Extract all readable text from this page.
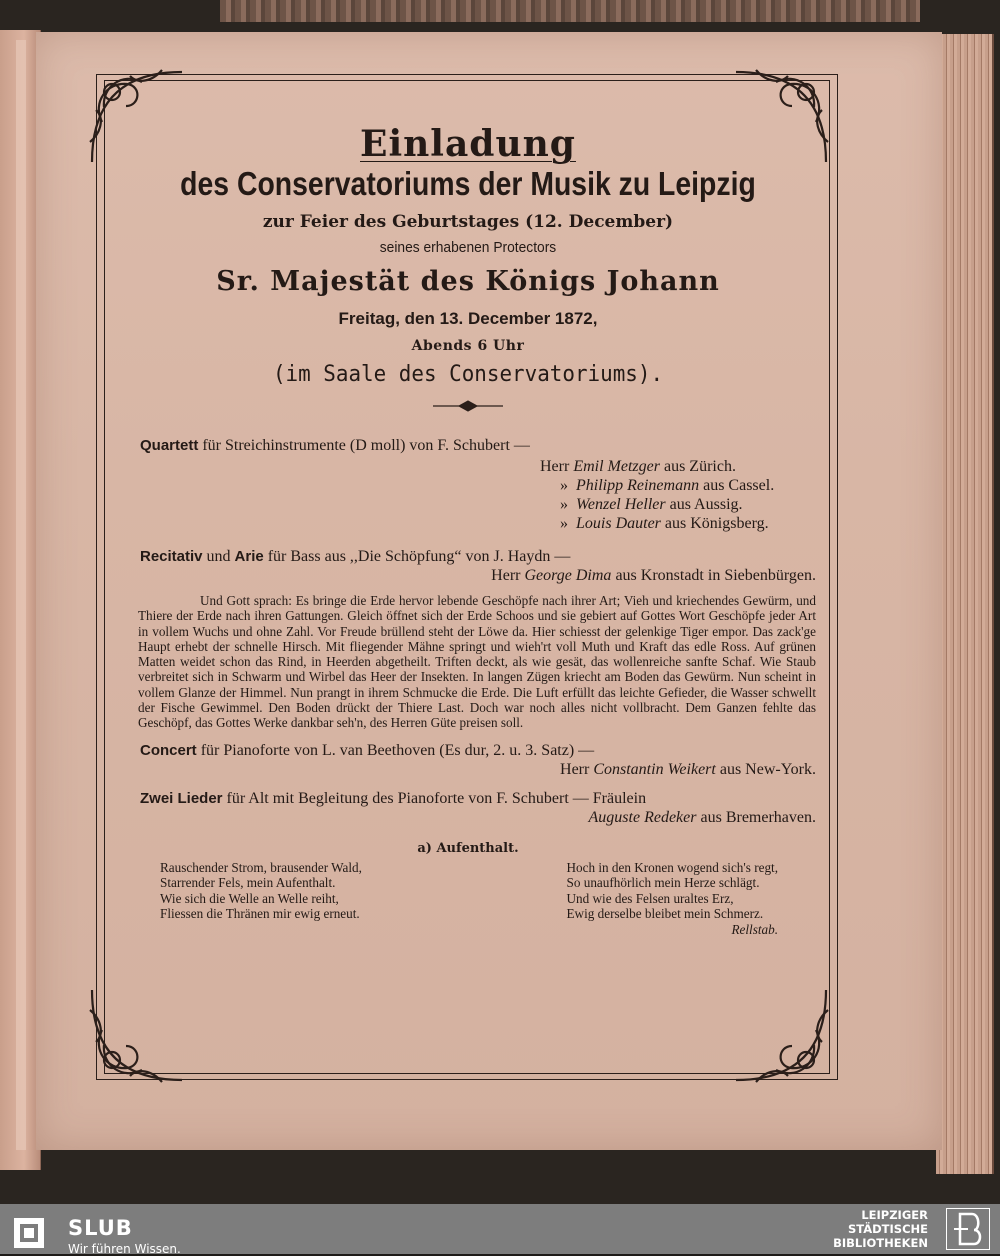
Einladung
des Conservatoriums der Musik zu Leipzig
zur Feier des Geburtstages (12. December)
seines erhabenen Protectors
Sr. Majestät des Königs Johann
Freitag, den 13. December 1872,
Abends 6 Uhr
(im Saale des Conservatoriums).
Quartett für Streichinstrumente (D moll) von F. Schubert —
Herr Emil Metzger aus Zürich.
» Philipp Reinemann aus Cassel.
» Wenzel Heller aus Aussig.
» Louis Dauter aus Königsberg.
Recitativ und Arie für Bass aus ,,Die Schöpfung“ von J. Haydn —
Herr George Dima aus Kronstadt in Siebenbürgen.
Und Gott sprach: Es bringe die Erde hervor lebende Geschöpfe nach ihrer Art; Vieh und kriechendes Gewürm, und Thiere der Erde nach ihren Gattungen. Gleich öffnet sich der Erde Schoos und sie gebiert auf Gottes Wort Geschöpfe jeder Art in vollem Wuchs und ohne Zahl. Vor Freude brüllend steht der Löwe da. Hier schiesst der gelenkige Tiger empor. Das zack'ge Haupt erhebt der schnelle Hirsch. Mit fliegender Mähne springt und wieh'rt voll Muth und Kraft das edle Ross. Auf grünen Matten weidet schon das Rind, in Heerden abgetheilt. Triften deckt, als wie gesät, das wollenreiche sanfte Schaf. Wie Staub verbreitet sich in Schwarm und Wirbel das Heer der Insekten. In langen Zügen kriecht am Boden das Gewürm. Nun scheint in vollem Glanze der Himmel. Nun prangt in ihrem Schmucke die Erde. Die Luft erfüllt das leichte Gefieder, die Wasser schwellt der Fische Gewimmel. Den Boden drückt der Thiere Last. Doch war noch alles nicht vollbracht. Dem Ganzen fehlte das Geschöpf, das Gottes Werke dankbar seh'n, des Herren Güte preisen soll.
Concert für Pianoforte von L. van Beethoven (Es dur, 2. u. 3. Satz) —
Herr Constantin Weikert aus New-York.
Zwei Lieder für Alt mit Begleitung des Pianoforte von F. Schubert — Fräulein
Auguste Redeker aus Bremerhaven.
a) Aufenthalt.
Rauschender Strom, brausender Wald,
Starrender Fels, mein Aufenthalt.
Wie sich die Welle an Welle reiht,
Fliessen die Thränen mir ewig erneut.
Hoch in den Kronen wogend sich's regt,
So unaufhörlich mein Herze schlägt.
Und wie des Felsen uraltes Erz,
Ewig derselbe bleibet mein Schmerz.
Rellstab.
SLUB
Wir führen Wissen.
LEIPZIGER
STÄDTISCHE
BIBLIOTHEKEN
